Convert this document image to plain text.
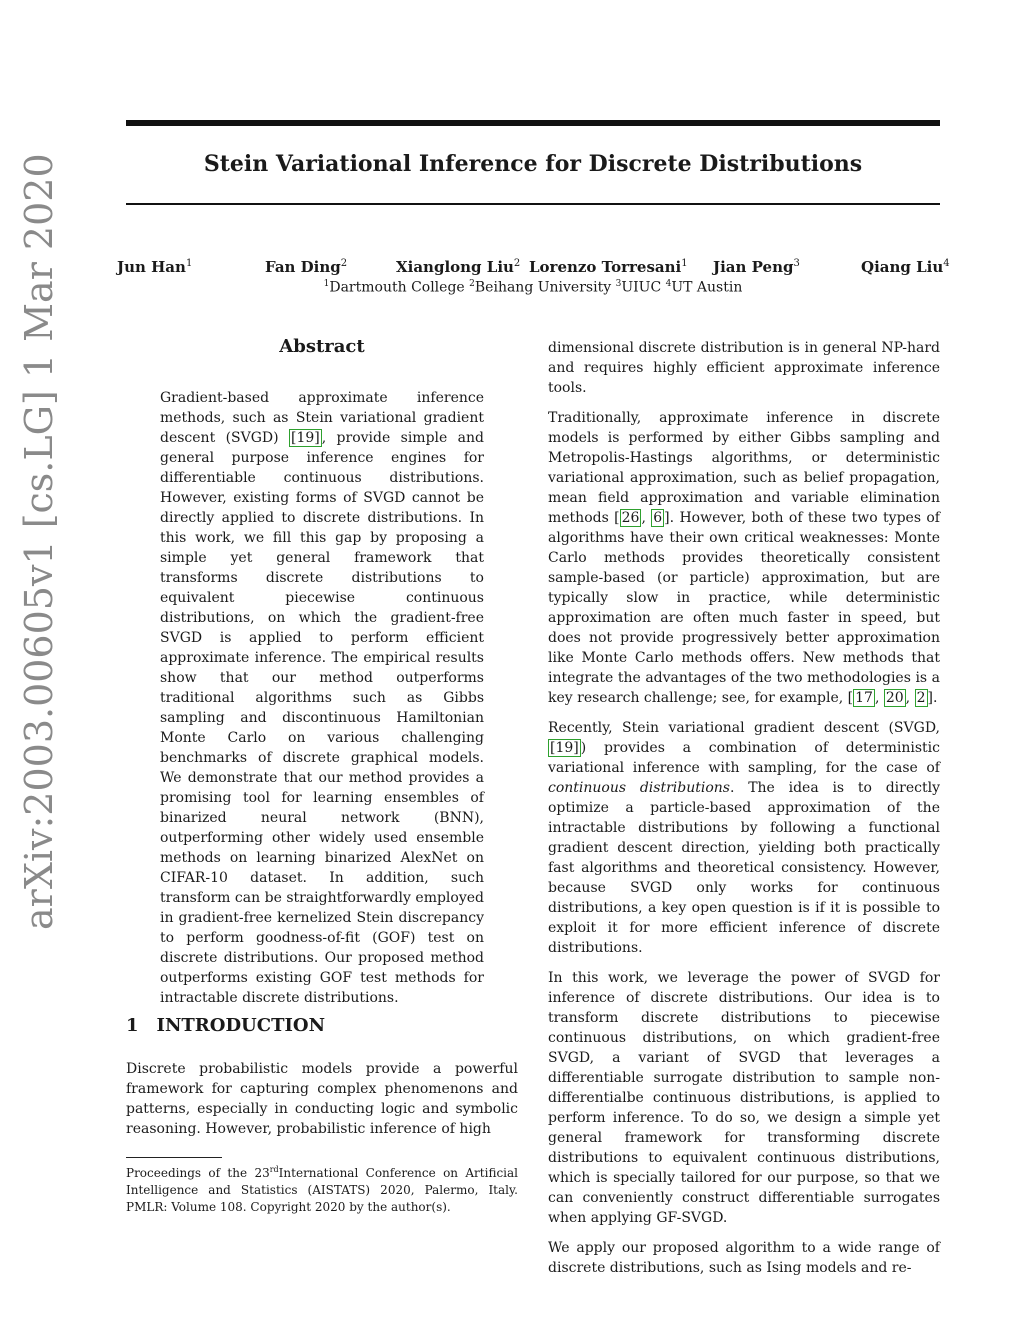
Stein Variational Inference for Discrete Distributions
Jun Han$^1$	Fan Ding$^2$	Xianglong Liu$^2$ Lorenzo Torresani$^1$ Jian Peng$^3$	Qiang Liu$^4$
$^1$Dartmouth College $^2$Beihang University $^3$UIUC $^4$UT Austin
arXiv:2003.00605v1 [cs.LG] 1 Mar 2020	Abstract
Gradient-based approximate inference methods, such as Stein variational gradient descent (SVGD) [19] , provide simple and general purpose inference engines for differentiable continuous distributions. However, existing forms of SVGD cannot be directly applied to discrete distributions. In this work, we fill this gap by proposing a simple yet general framework that transforms discrete distributions to equivalent piecewise continuous distributions, on which the gradient-free SVGD is applied to perform efficient approximate inference. The empirical results show that our method outperforms traditional algorithms such as Gibbs sampling and discontinuous Hamiltonian Monte Carlo on various challenging benchmarks of discrete graphical models. We demonstrate that our method provides a promising tool for learning ensembles of binarized neural network (BNN), outperforming other widely used ensemble methods on learning binarized AlexNet on CIFAR-10 dataset. In addition, such transform can be straightforwardly employed in gradient-free kernelized Stein discrepancy to perform goodness-of-fit (GOF) test on discrete distributions. Our proposed method outperforms existing GOF test methods for intractable discrete distributions.
1 INTRODUCTION
Discrete probabilistic models provide a powerful framework for capturing complex phenomenons and patterns, especially in conducting logic and symbolic reasoning. However, probabilistic inference of high
Proceedings of the 23rdInternational Conference on Artificial Intelligence and Statistics (AISTATS) 2020, Palermo, Italy. PMLR: Volume 108. Copyright 2020 by the author(s).

dimensional discrete distribution is in general NP-hard and requires highly efficient approximate inference tools.

Traditionally, approximate inference in discrete models is performed by either Gibbs sampling and Metropolis-Hastings algorithms, or deterministic variational approximation, such as belief propagation, mean field approximation and variable elimination methods [ 26 , 6 ]. However, both of these two types of algorithms have their own critical weaknesses: Monte Carlo methods provides theoretically consistent sample-based (or particle) approximation, but are typically slow in practice, while deterministic approximation are often much faster in speed, but does not provide progressively better approximation like Monte Carlo methods offers. New methods that integrate the advantages of the two methodologies is a key research challenge; see, for example, [ 17 , 20 , 2 ].

Recently, Stein variational gradient descent (SVGD, [19] ) provides a combination of deterministic variational inference with sampling, for the case of continuous distributions. The idea is to directly optimize a particle-based approximation of the intractable distributions by following a functional gradient descent direction, yielding both practically fast algorithms and theoretical consistency. However, because SVGD only works for continuous distributions, a key open question is if it is possible to exploit it for more efficient inference of discrete distributions.

In this work, we leverage the power of SVGD for inference of discrete distributions. Our idea is to transform discrete distributions to piecewise continuous distributions, on which gradient-free SVGD, a variant of SVGD that leverages a differentiable surrogate distribution to sample non-differentialbe continuous distributions, is applied to perform inference. To do so, we design a simple yet general framework for transforming discrete distributions to equivalent continuous distributions, which is specially tailored for our purpose, so that we can conveniently construct differentiable surrogates when applying GF-SVGD.

We apply our proposed algorithm to a wide range of discrete distributions, such as Ising models and re-
